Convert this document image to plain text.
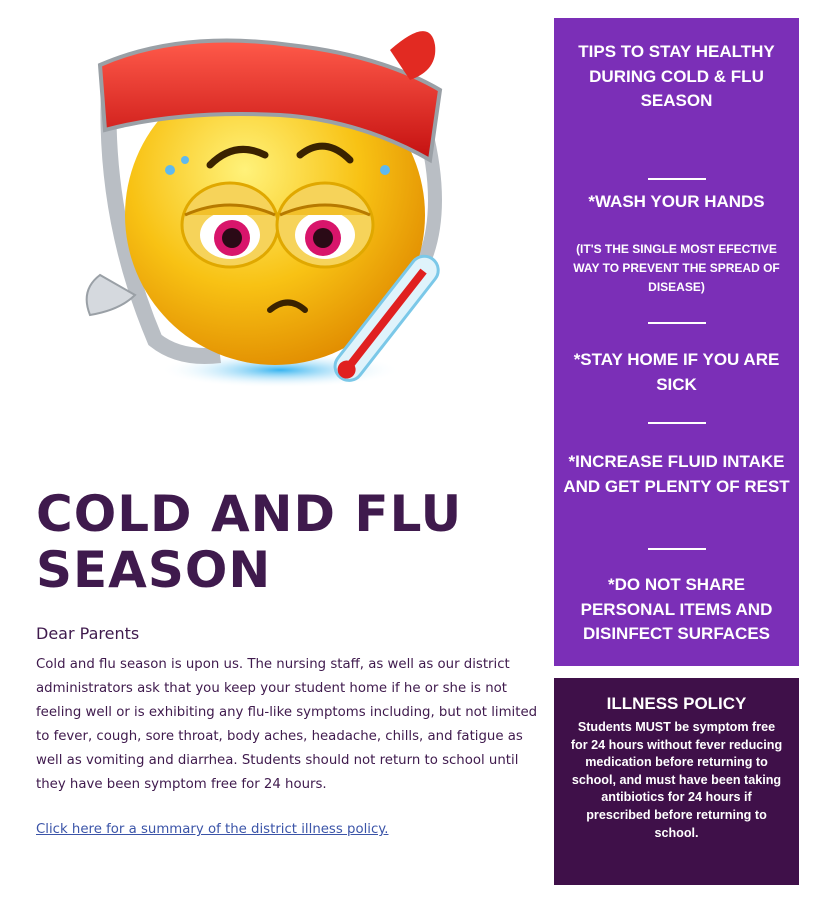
COLD AND FLU
SEASON
Dear Parents
Cold and flu season is upon us. The nursing staff, as well as our district administrators ask that you keep your student home if he or she is not feeling well or is exhibiting any flu-like symptoms including, but not limited to fever, cough, sore throat, body aches, headache, chills, and fatigue as well as vomiting and diarrhea. Students should not return to school until they have been symptom free for 24 hours.
Click here for a summary of the district illness policy.
TIPS TO STAY HEALTHY DURING COLD & FLU SEASON
*WASH YOUR HANDS
(IT'S THE SINGLE MOST EFECTIVE WAY TO PREVENT THE SPREAD OF DISEASE)
*STAY HOME IF YOU ARE SICK
*INCREASE FLUID INTAKE AND GET PLENTY OF REST
*DO NOT SHARE PERSONAL ITEMS AND DISINFECT SURFACES
ILLNESS POLICY
Students MUST be symptom free for 24 hours without fever reducing medication before returning to school, and must have been taking antibiotics for 24 hours if prescribed before returning to school.
